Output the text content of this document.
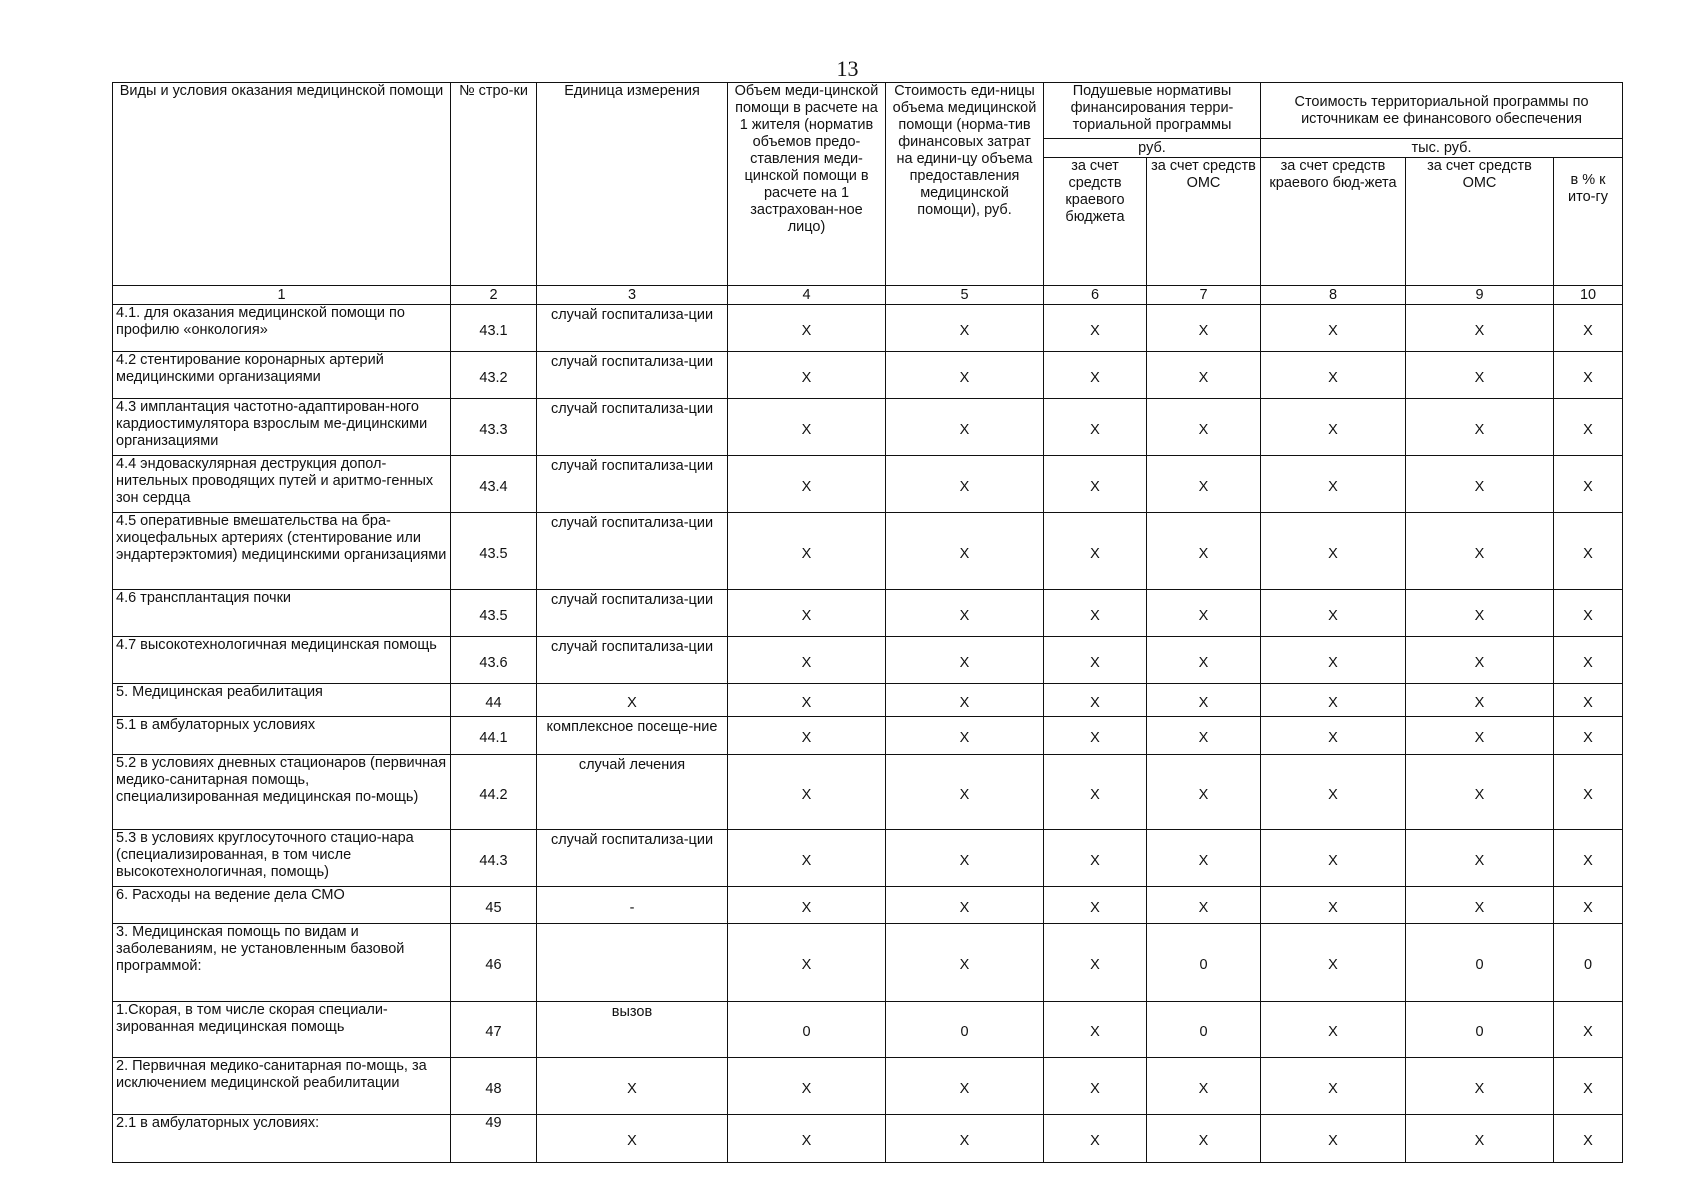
13
Виды и условия оказания медицинской помощи	№ стро-ки	Единица измерения	Объем меди-цинской помощи в расчете на 1 жителя (норматив объемов предо-ставления меди-цинской помощи в расчете на 1 застрахован-ное лицо)	Стоимость еди-ницы объема медицинской помощи (норма-тив финансовых затрат на едини-цу объема предоставления медицинской помощи), руб.	Подушевые нормативы финансирования терри-ториальной программы		Стоимость территориальной программы по источникам ее финансового обеспечения		
					руб.		тыс. руб.		
					за счет средств краевого бюджета	за счет средств ОМС	за счет средств краевого бюд-жета	за счет средств ОМС	в % к ито-гу
1	2	3	4	5	6	7	8	9	10
4.1. для оказания медицинской помощи по профилю «онкология»	43.1	случай госпитализа-ции	X	X	X	X	X	X	X
4.2 стентирование коронарных артерий медицинскими организациями	43.2	случай госпитализа-ции	X	X	X	X	X	X	X
4.3 имплантация частотно-адаптирован-ного кардиостимулятора взрослым ме-дицинскими организациями	43.3	случай госпитализа-ции	X	X	X	X	X	X	X
4.4 эндоваскулярная деструкция допол-нительных проводящих путей и аритмо-генных зон сердца	43.4	случай госпитализа-ции	X	X	X	X	X	X	X
4.5 оперативные вмешательства на бра-хиоцефальных артериях (стентирование или эндартерэктомия) медицинскими организациями	43.5	случай госпитализа-ции	X	X	X	X	X	X	X
4.6 трансплантация почки	43.5	случай госпитализа-ции	X	X	X	X	X	X	X
4.7 высокотехнологичная медицинская помощь	43.6	случай госпитализа-ции	X	X	X	X	X	X	X
5. Медицинская реабилитация	44	X	X	X	X	X	X	X	X
5.1 в амбулаторных условиях	44.1	комплексное посеще-ние	X	X	X	X	X	X	X
5.2 в условиях дневных стационаров (первичная медико-санитарная помощь, специализированная медицинская по-мощь)	44.2	случай лечения	X	X	X	X	X	X	X
5.3 в условиях круглосуточного стацио-нара (специализированная, в том числе высокотехнологичная, помощь)	44.3	случай госпитализа-ции	X	X	X	X	X	X	X
6. Расходы на ведение дела СМО	45	-	X	X	X	X	X	X	X
3. Медицинская помощь по видам и заболеваниям, не установленным базовой программой:	46		X	X	X	0	X	0	0
1.Скорая, в том числе скорая специали-зированная медицинская помощь	47	вызов	0	0	X	0	X	0	X
2. Первичная медико-санитарная по-мощь, за исключением медицинской реабилитации	48	X	X	X	X	X	X	X	X
2.1 в амбулаторных условиях:	49	X	X	X	X	X	X	X	X
